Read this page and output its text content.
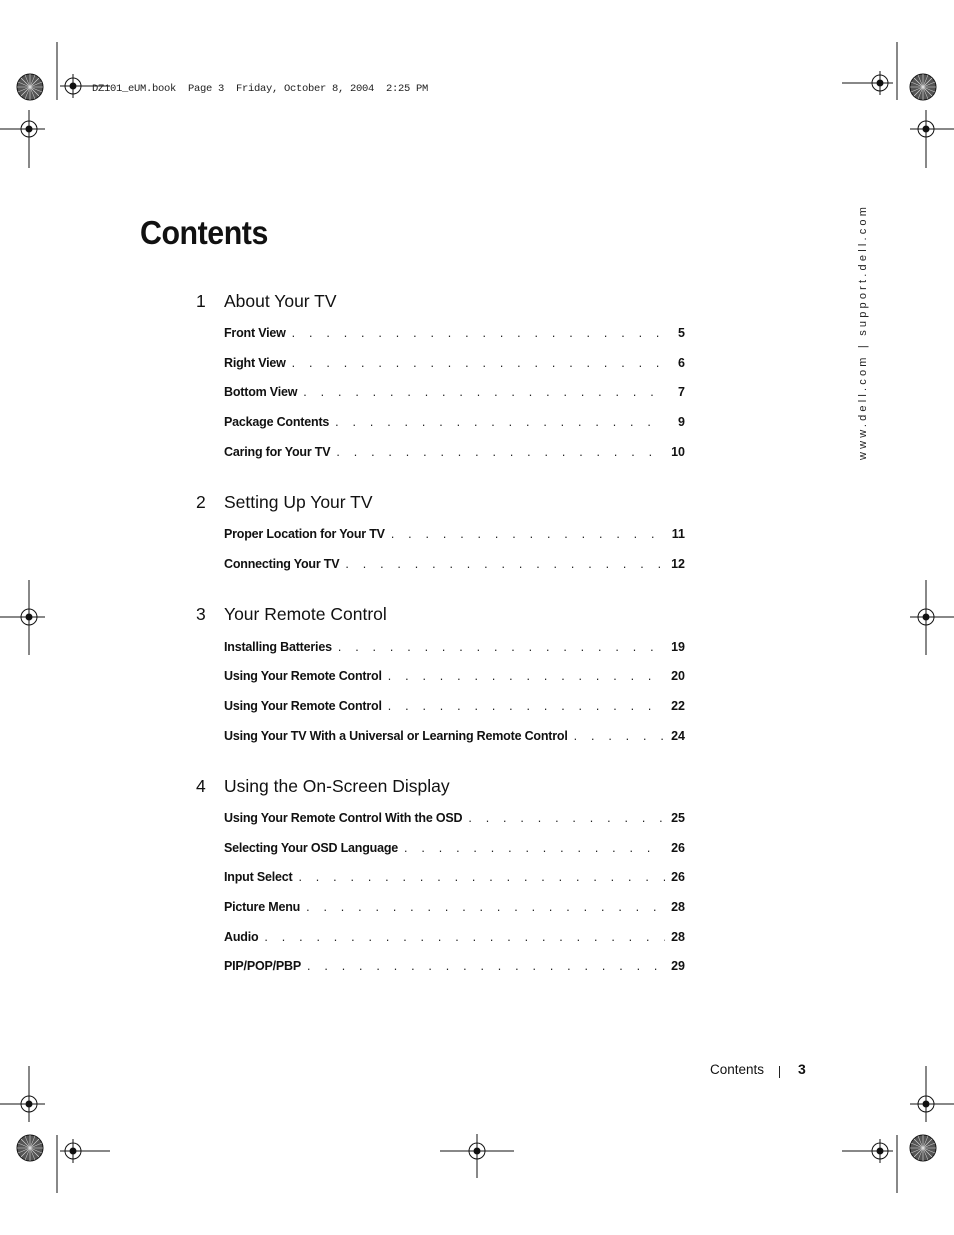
DZ101_eUM.book  Page 3  Friday, October 8, 2004  2:25 PM
www.dell.com | support.dell.com
Contents
1 About Your TV
Front View . . .	5
Right View . . .	6
Bottom View . . .	7
Package Contents . . .	9
Caring for Your TV . . .	10
2 Setting Up Your TV
Proper Location for Your TV . . .	11
Connecting Your TV . . .	12
3 Your Remote Control
Installing Batteries . . .	19
Using Your Remote Control . . .	20
Using Your Remote Control . . .	22
Using Your TV With a Universal or Learning Remote Control . . .	24
4 Using the On-Screen Display
Using Your Remote Control With the OSD . . .	25
Selecting Your OSD Language . . .	26
Input Select . . .	26
Picture Menu . . .	28
Audio . . .	28
PIP/POP/PBP . . .	29
Contents 3
